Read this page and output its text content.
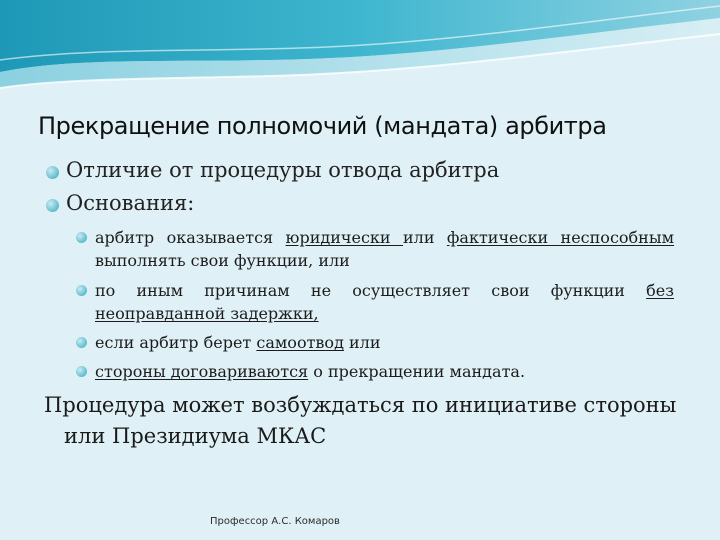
Прекращение полномочий (мандата) арбитра
Отличие от процедуры отвода арбитра
Основания:
арбитр оказывается юридически или фактически неспособным
выполнять свои функции, или
по иным причинам не осуществляет свои функции без
неоправданной задержки,
если арбитр берет самоотвод или
стороны договариваются о прекращении мандата.
Процедура может возбуждаться по инициативе стороны
или Президиума МКАС
Профессор А.С. Комаров
